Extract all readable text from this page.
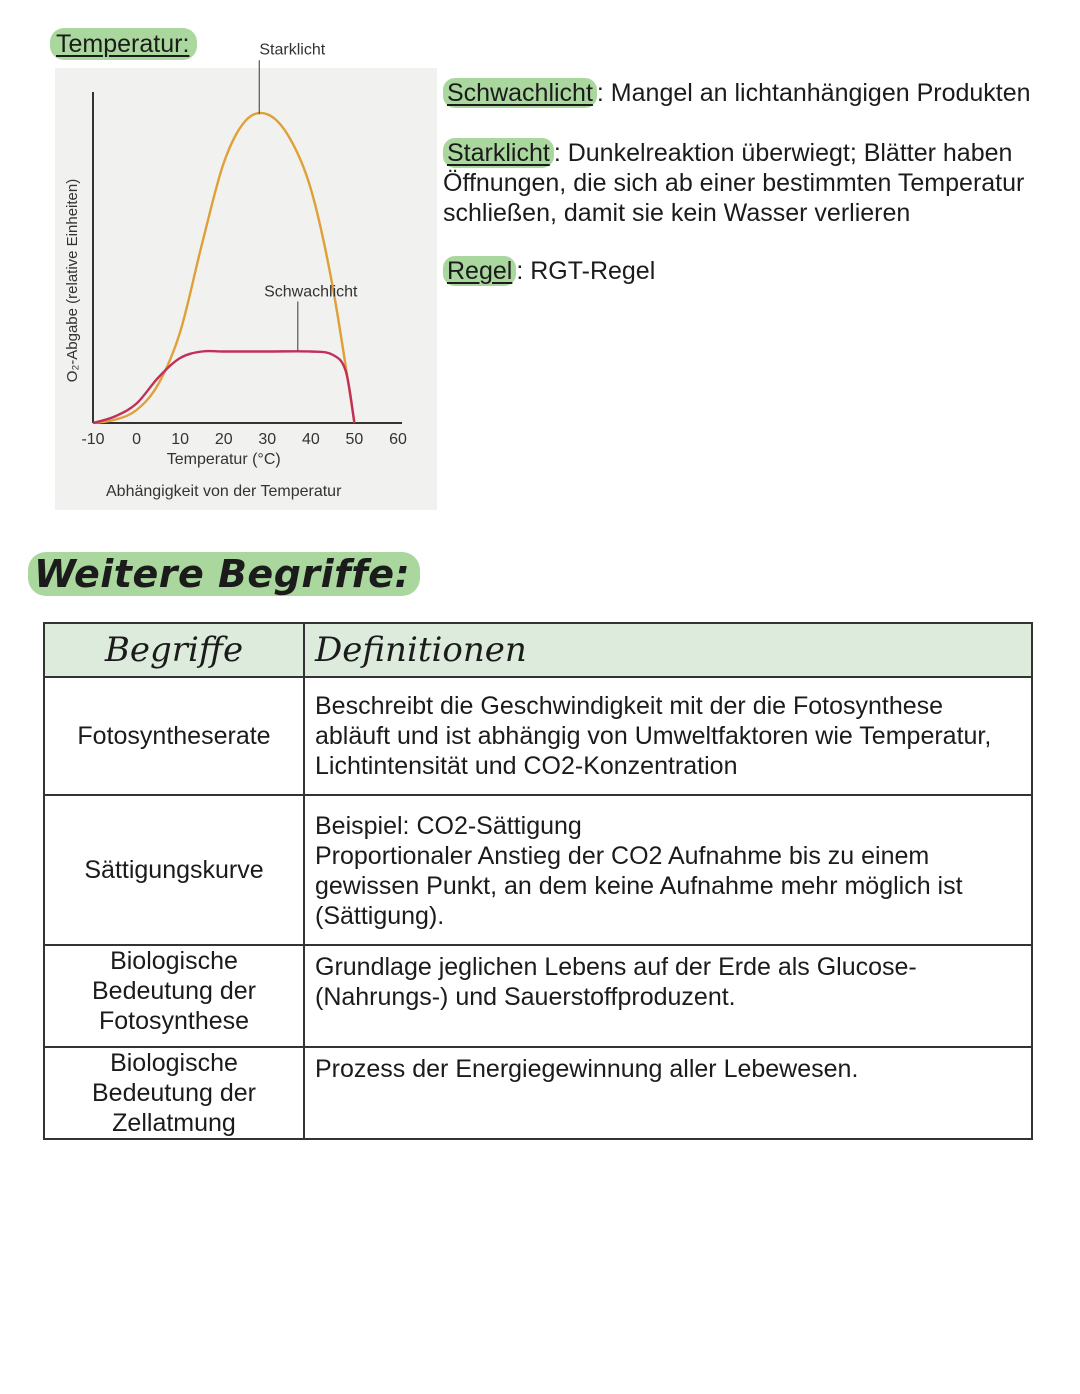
Temperatur:
-10 0 10 20 30 40 50 60
Temperatur (°C)
O₂-Abgabe (relative Einheiten)
Abhängigkeit von der Temperatur
Starklicht
Schwachlicht
Schwachlicht : Mangel an lichtanhängigen Produkten
Starklicht : Dunkelreaktion überwiegt; Blätter haben Öffnungen, die sich ab einer bestimmten Temperatur schließen, damit sie kein Wasser verlieren
Regel : RGT-Regel
Weitere Begriffe:
Begriffe	Definitionen
Fotosyntheserate	Beschreibt die Geschwindigkeit mit der die Fotosynthese abläuft und ist abhängig von Umweltfaktoren wie Temperatur, Lichtintensität und CO2-Konzentration
Sättigungskurve	Beispiel: CO2-Sättigung
Proportionaler Anstieg der CO2 Aufnahme bis zu einem gewissen Punkt, an dem keine Aufnahme mehr möglich ist (Sättigung).

Biologische Bedeutung der Fotosynthese	Grundlage jeglichen Lebens auf der Erde als Glucose-(Nahrungs-) und Sauerstoffproduzent.
Biologische Bedeutung der Zellatmung	Prozess der Energiegewinnung aller Lebewesen.
